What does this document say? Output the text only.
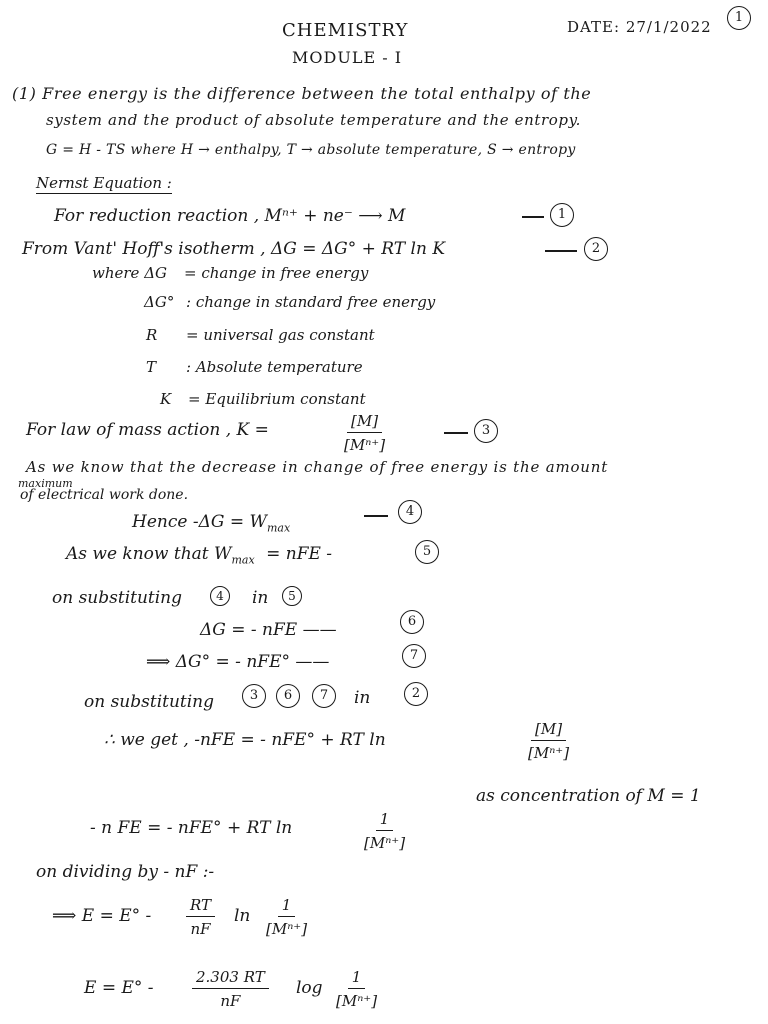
CHEMISTRY
MODULE - I
DATE: 27/1/2022
1
(1) Free energy is the difference between the total enthalpy of the
system and the product of absolute temperature and the entropy.
G = H - TS where H → enthalpy, T → absolute temperature, S → entropy
Nernst Equation :
For reduction reaction , Mⁿ⁺ + ne⁻ ⟶ M	1
From Vant' Hoff's isotherm , ΔG = ΔG° + RT ln K	2
where ΔG = change in free energy
ΔG° : change in standard free energy
R = universal gas constant
T : Absolute temperature
K = Equilibrium constant
For law of mass action , K =	$\frac{[M]}{\text{[Mⁿ⁺]}}$	3
maximum
As we know that the decrease in change of free energy is the amount
of electrical work done.
Hence $-\Delta G = W_{max}$
4
As we know that $W_{max}$ = nFE -	5
on substituting	4	in	5
ΔG = - nFE ——	6
⟹ ΔG° = - nFE° ——	7
on substituting	3	6	7	in	2
∴ we get , -nFE = - nFE° + RT ln	$\frac{[M]}{\text{[Mⁿ⁺]}}$
as concentration of M = 1
- n FE = - nFE° + RT ln	$\frac{1}{\text{[Mⁿ⁺]}}$
on dividing by - nF :-
⟹ $E = E^\circ - \frac{RT}{nF}$ $\ln \frac{1}{\text{[Mⁿ⁺]}}$
E = E° -	$\frac{2.303 RT}{nF}$ $\log \frac{1}{\text{[Mⁿ⁺]}}$
